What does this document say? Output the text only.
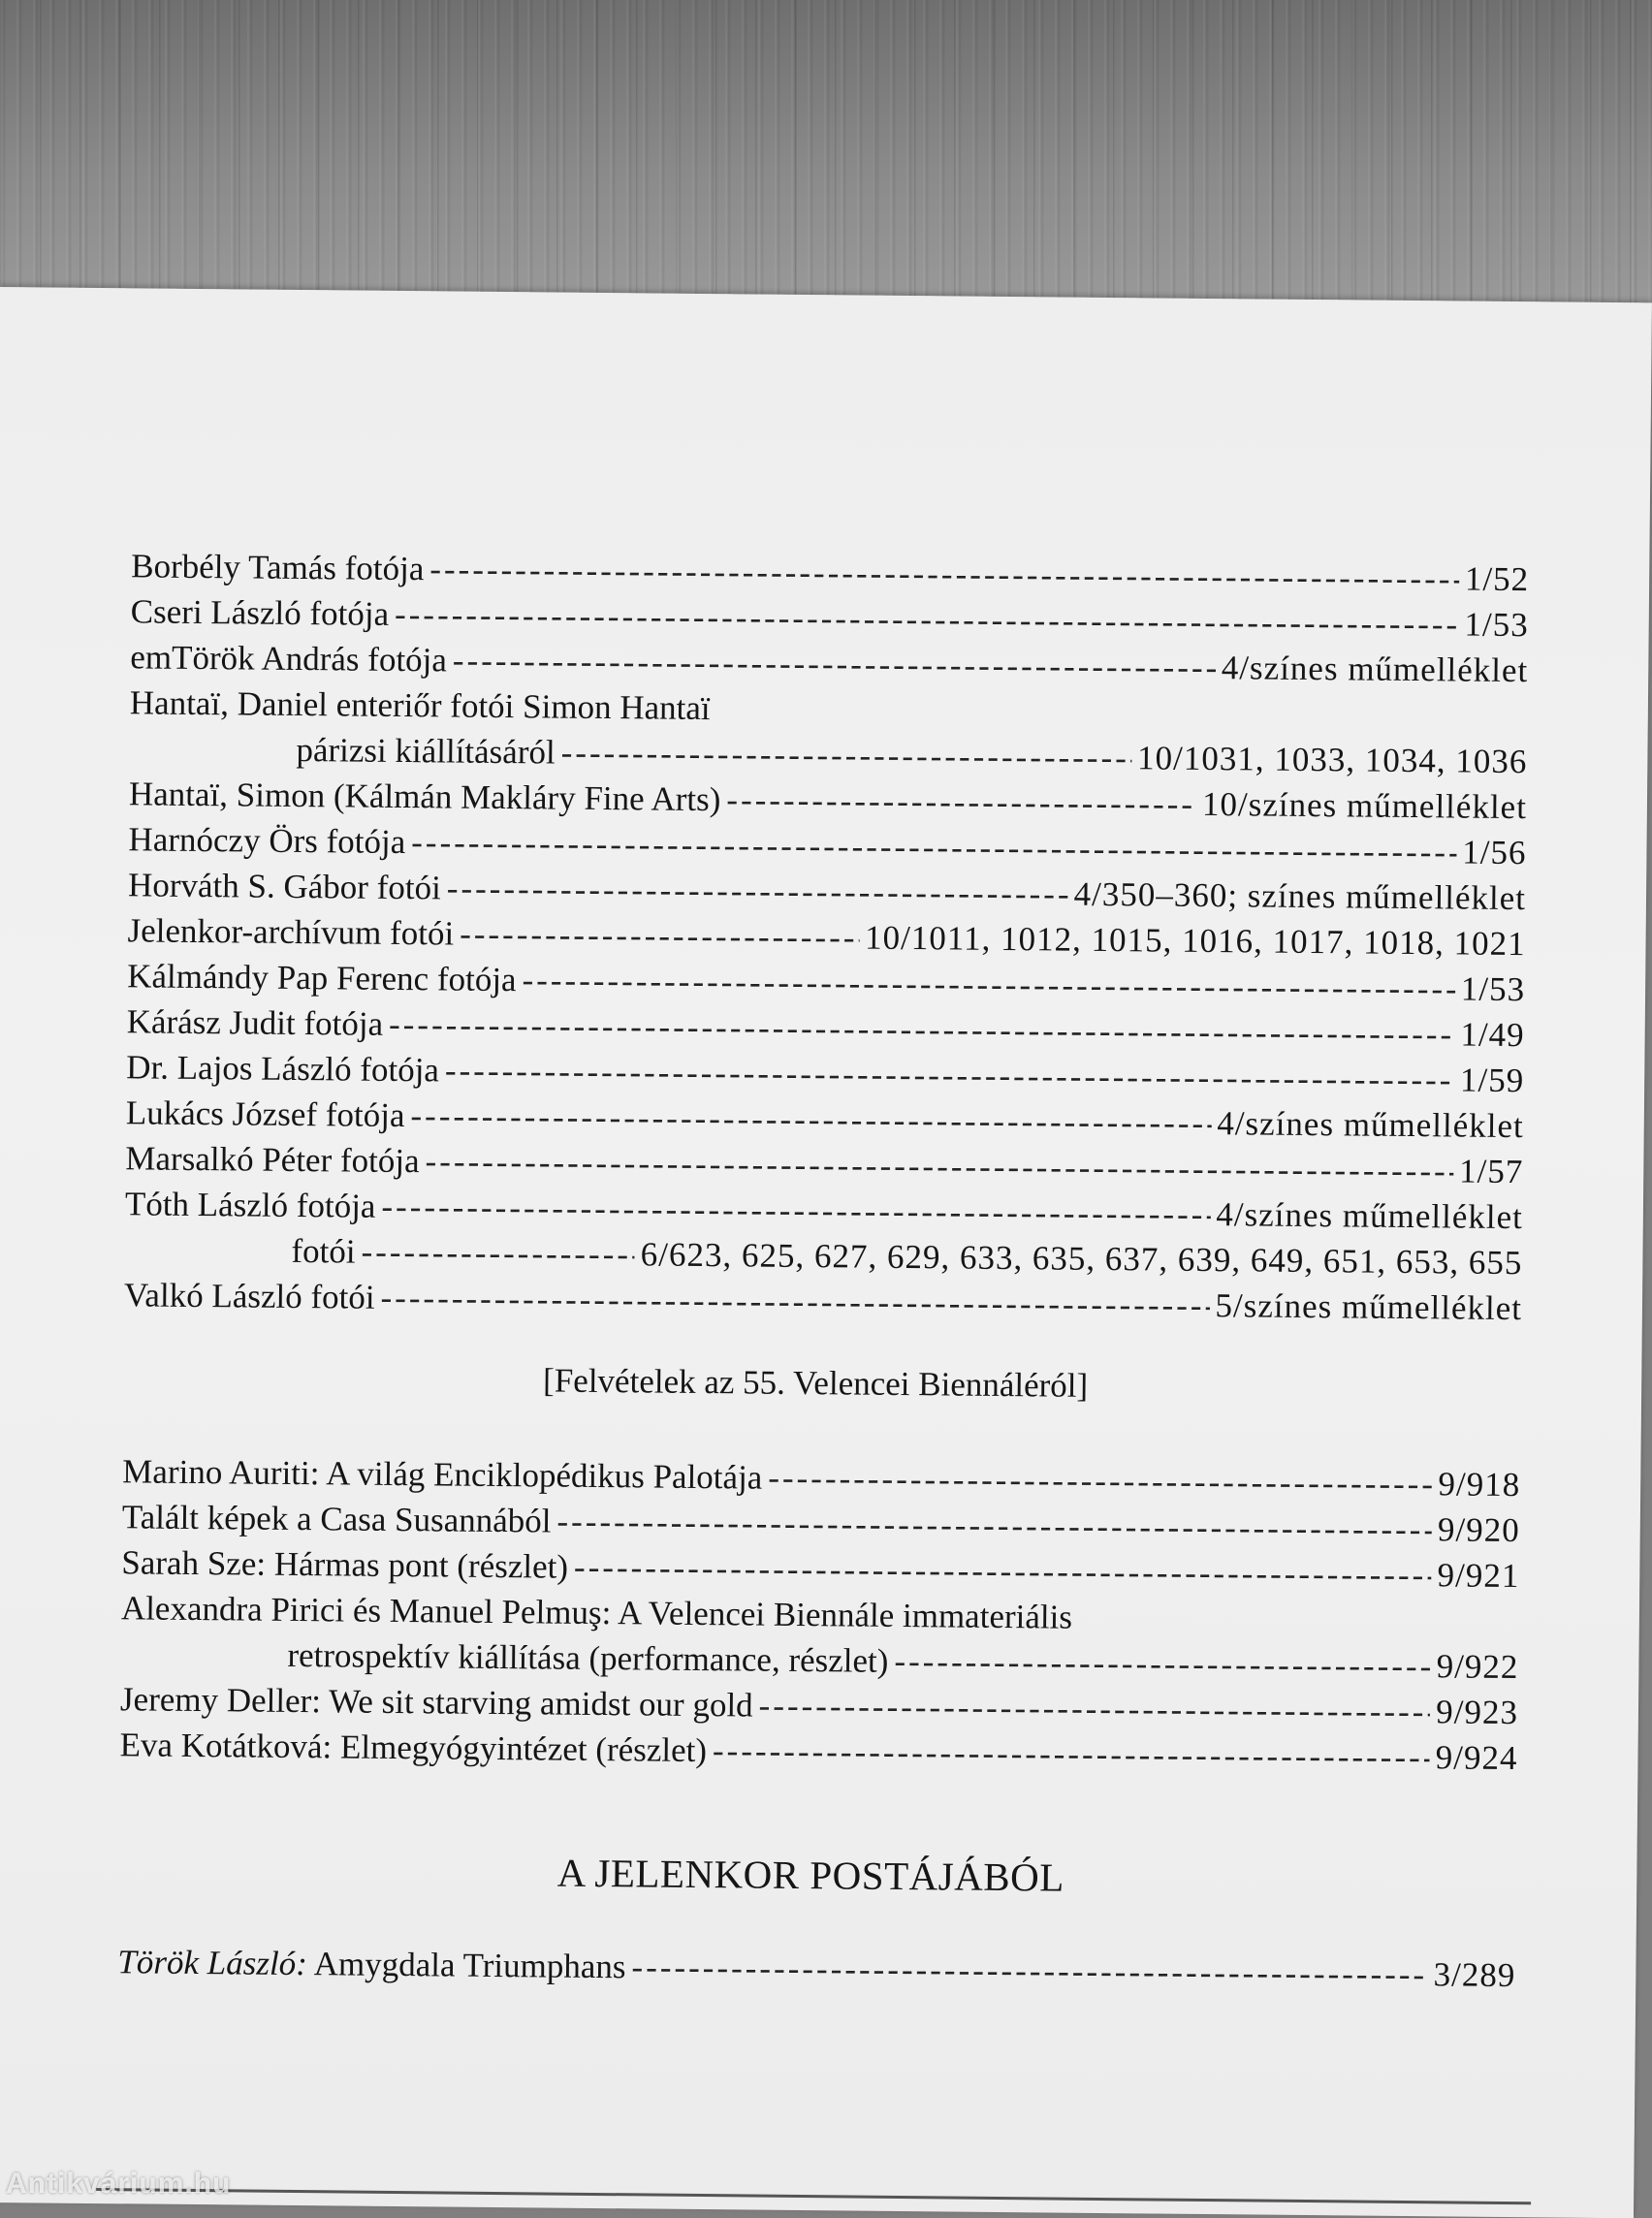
Borbély Tamás fotója -----	1/52
Cseri László fotója -----	1/53
emTörök András fotója -----	4/színes műmelléklet
Hantaï, Daniel enteriőr fotói Simon Hantaï
párizsi kiállításáról -----	10/1031, 1033, 1034, 1036
Hantaï, Simon (Kálmán Makláry Fine Arts) -----	10/színes műmelléklet
Harnóczy Örs fotója -----	1/56
Horváth S. Gábor fotói -----	4/350–360; színes műmelléklet
Jelenkor-archívum fotói -----	10/1011, 1012, 1015, 1016, 1017, 1018, 1021
Kálmándy Pap Ferenc fotója -----	1/53
Kárász Judit fotója -----	1/49
Dr. Lajos László fotója -----	1/59
Lukács József fotója -----	4/színes műmelléklet
Marsalkó Péter fotója -----	1/57
Tóth László fotója -----	4/színes műmelléklet
fotói -----	6/623, 625, 627, 629, 633, 635, 637, 639, 649, 651, 653, 655
Valkó László fotói -----	5/színes műmelléklet
[Felvételek az 55. Velencei Biennáléról]
Marino Auriti: A világ Enciklopédikus Palotája -----	9/918
Talált képek a Casa Susannából -----	9/920
Sarah Sze: Hármas pont (részlet) -----	9/921
Alexandra Pirici és Manuel Pelmuş: A Velencei Biennále immateriális
retrospektív kiállítása (performance, részlet) -----	9/922
Jeremy Deller: We sit starving amidst our gold -----	9/923
Eva Kotátková: Elmegyógyintézet (részlet) -----	9/924
A JELENKOR POSTÁJÁBÓL
Török László: Amygdala Triumphans -----	3/289
Antikvárium.hu
